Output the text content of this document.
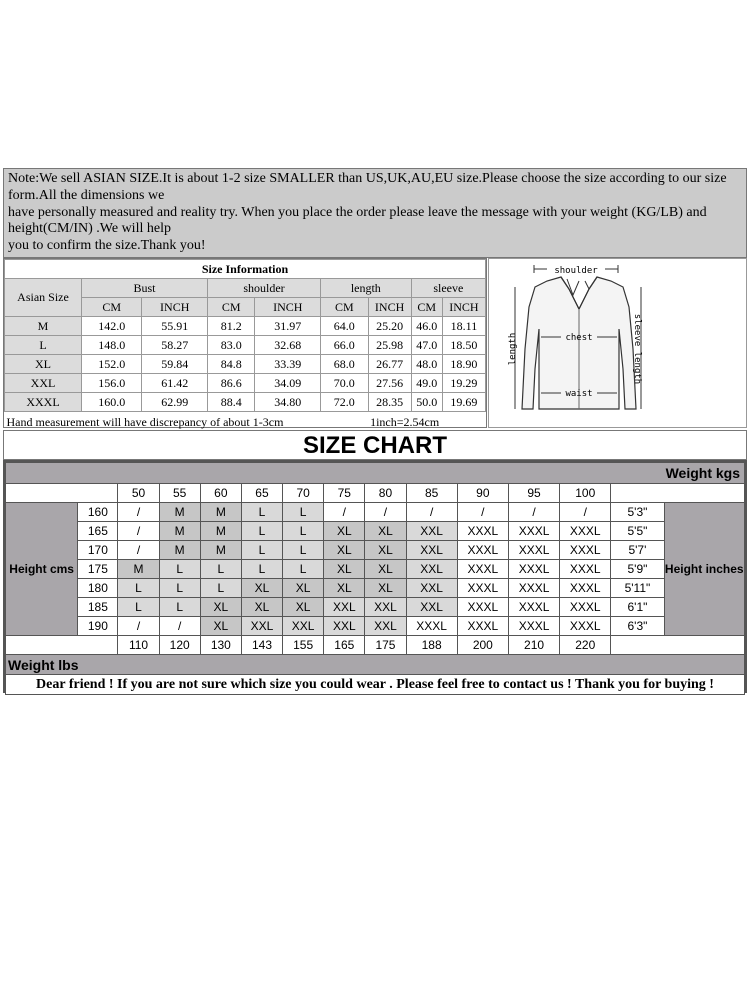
Note:We sell ASIAN SIZE.It is about 1-2 size SMALLER than US,UK,AU,EU size.Please choose the size according to our size form.All the dimensions we
have personally measured and reality try. When you place the order please leave the message with your weight (KG/LB) and height(CM/IN) .We will help
you to confirm the size.Thank you!
Size Information								
Asian Size	Bust		shoulder		length		sleeve	
	CM	INCH	CM	INCH	CM	INCH	CM	INCH
M	142.0	55.91	81.2	31.97	64.0	25.20	46.0	18.11
L	148.0	58.27	83.0	32.68	66.0	25.98	47.0	18.50
XL	152.0	59.84	84.8	33.39	68.0	26.77	48.0	18.90
XXL	156.0	61.42	86.6	34.09	70.0	27.56	49.0	19.29
XXXL	160.0	62.99	88.4	34.80	72.0	28.35	50.0	19.69
Hand measurement will have discrepancy of about 1-3cm						1inch=2.54cm		
shoulder
chest
waist
length	sleeve length
SIZE CHART
Weight kgs														
		50	55	60	65	70	75	80	85	90	95	100		
Height cms	160	/	M	M	L	L	/	/	/	/	/	/	5'3"	Height inches
	165	/	M	M	L	L	XL	XL	XXL	XXXL	XXXL	XXXL	5'5"	
	170	/	M	M	L	L	XL	XL	XXL	XXXL	XXXL	XXXL	5'7'	
	175	M	L	L	L	L	XL	XL	XXL	XXXL	XXXL	XXXL	5'9"	
	180	L	L	L	XL	XL	XL	XL	XXL	XXXL	XXXL	XXXL	5'11"	
	185	L	L	XL	XL	XL	XXL	XXL	XXL	XXXL	XXXL	XXXL	6'1"	
	190	/	/	XL	XXL	XXL	XXL	XXL	XXXL	XXXL	XXXL	XXXL	6'3"	
		110	120	130	143	155	165	175	188	200	210	220		
Weight lbs														
Dear friend ! If you are not sure which size you could wear . Please feel free to contact us ! Thank you for buying !														
